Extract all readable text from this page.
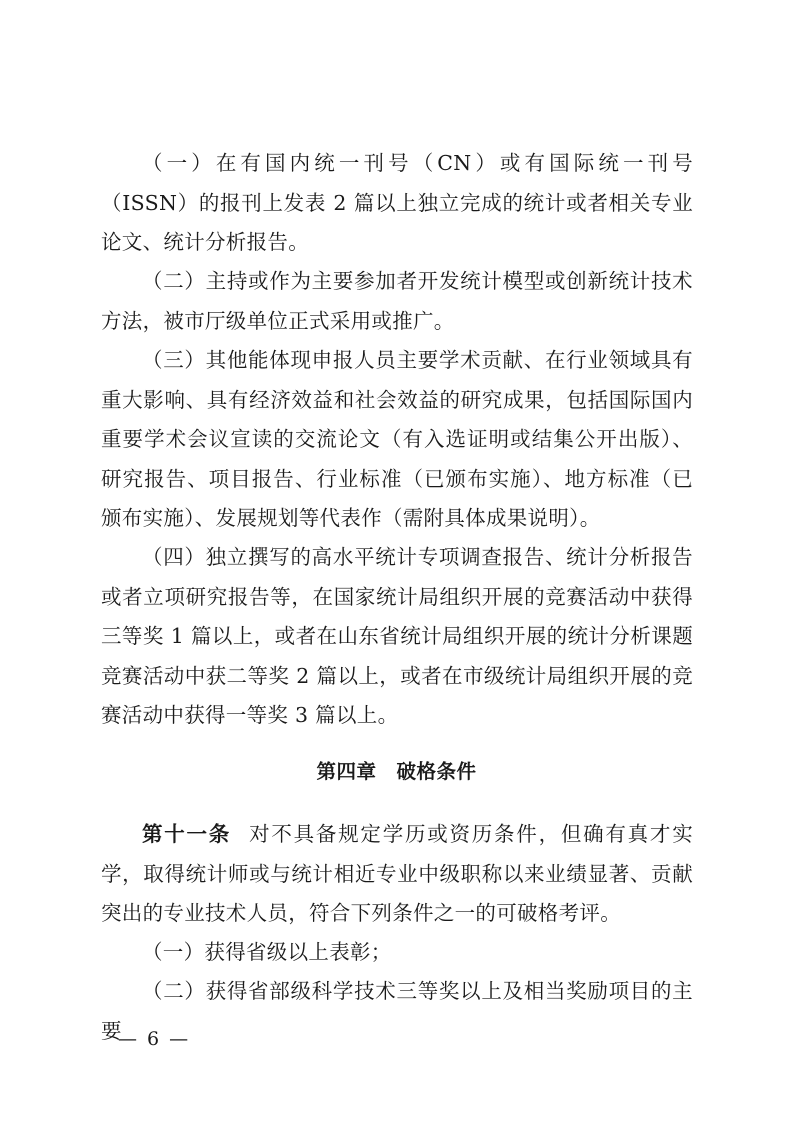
（一）在有国内统一刊号（CN）或有国际统一刊号（ISSN）的报刊上发表 2 篇以上独立完成的统计或者相关专业论文、统计分析报告。
（二）主持或作为主要参加者开发统计模型或创新统计技术方法，被市厅级单位正式采用或推广。
（三）其他能体现申报人员主要学术贡献、在行业领域具有重大影响、具有经济效益和社会效益的研究成果，包括国际国内重要学术会议宣读的交流论文（有入选证明或结集公开出版）、研究报告、项目报告、行业标准（已颁布实施）、地方标准（已颁布实施）、发展规划等代表作（需附具体成果说明）。
（四）独立撰写的高水平统计专项调查报告、统计分析报告或者立项研究报告等，在国家统计局组织开展的竞赛活动中获得三等奖 1 篇以上，或者在山东省统计局组织开展的统计分析课题竞赛活动中获二等奖 2 篇以上，或者在市级统计局组织开展的竞赛活动中获得一等奖 3 篇以上。
第四章　破格条件
第十一条 对不具备规定学历或资历条件，但确有真才实学，取得统计师或与统计相近专业中级职称以来业绩显著、贡献突出的专业技术人员，符合下列条件之一的可破格考评。
（一）获得省级以上表彰；
（二）获得省部级科学技术三等奖以上及相当奖励项目的主要
— 6 —
